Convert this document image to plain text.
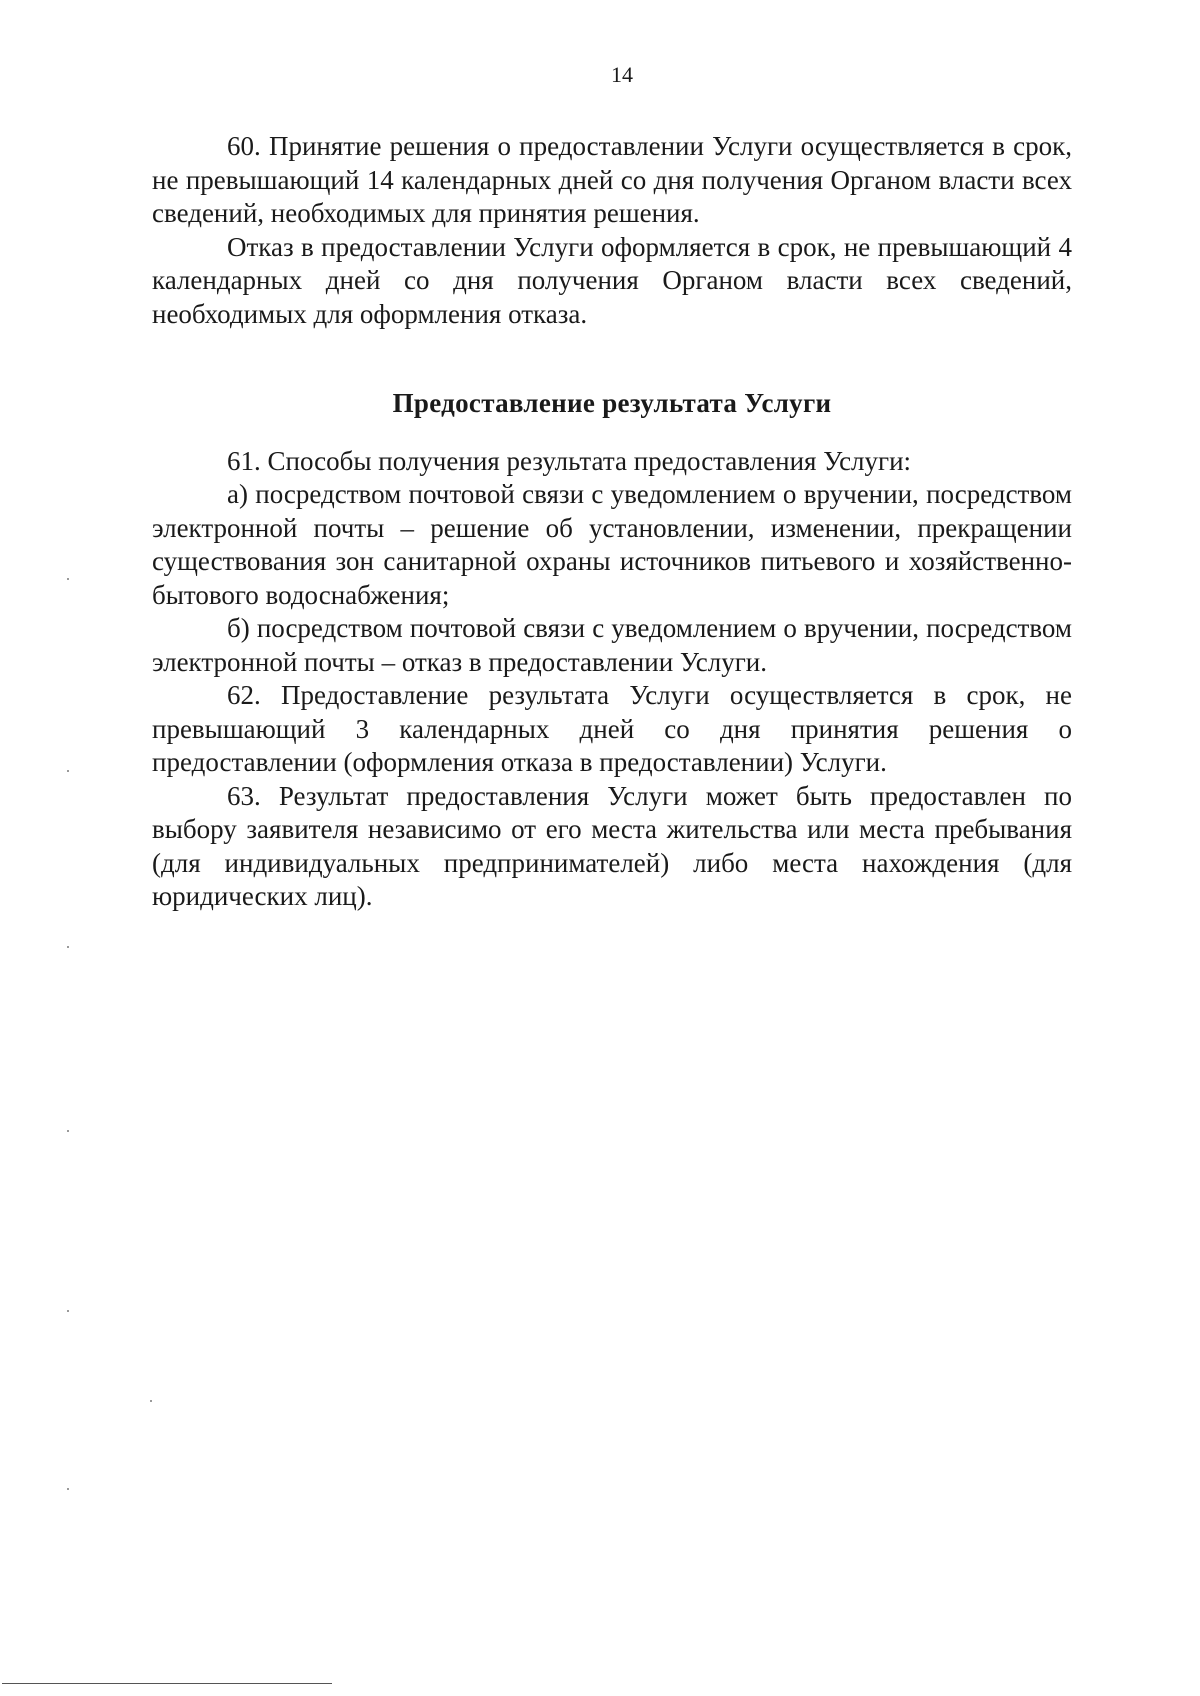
14

60. Принятие решения о предоставлении Услуги осуществляется в срок, не превышающий 14 календарных дней со дня получения Органом власти всех сведений, необходимых для принятия решения.

Отказ в предоставлении Услуги оформляется в срок, не превышающий 4 календарных дней со дня получения Органом власти всех сведений, необходимых для оформления отказа.

Предоставление результата Услуги

61. Способы получения результата предоставления Услуги:

а) посредством почтовой связи с уведомлением о вручении, посредством электронной почты – решение об установлении, изменении, прекращении существования зон санитарной охраны источников питьевого и хозяйственно-бытового водоснабжения;

б) посредством почтовой связи с уведомлением о вручении, посредством электронной почты – отказ в предоставлении Услуги.

62. Предоставление результата Услуги осуществляется в срок, не превышающий 3 календарных дней со дня принятия решения о предоставлении (оформления отказа в предоставлении) Услуги.

63. Результат предоставления Услуги может быть предоставлен по выбору заявителя независимо от его места жительства или места пребывания (для индивидуальных предпринимателей) либо места нахождения (для юридических лиц).
